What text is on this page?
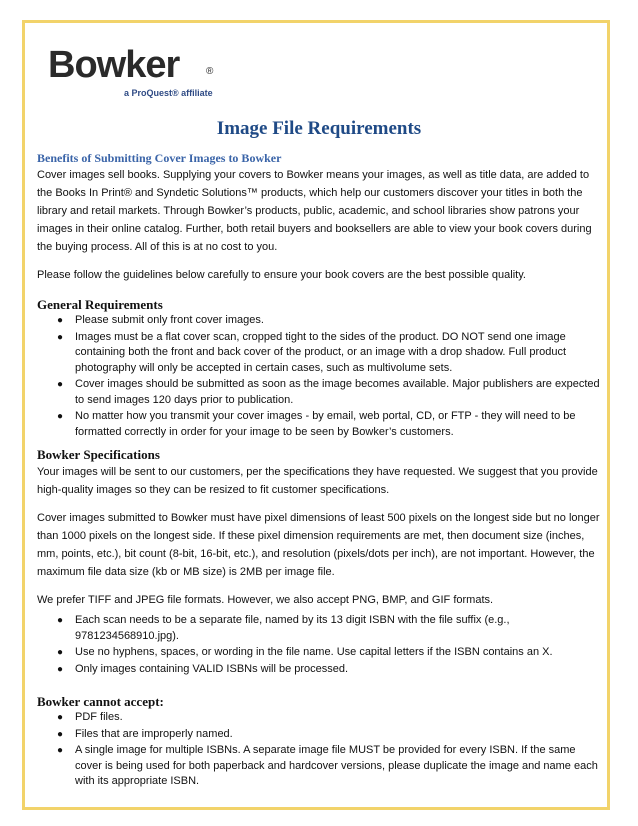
Bowker	®
a ProQuest® affiliate
Image File Requirements
Benefits of Submitting Cover Images to Bowker

Cover images sell books. Supplying your covers to Bowker means your images, as well as title data, are added to the Books In Print® and Syndetic Solutions™ products, which help our customers discover your titles in both the library and retail markets. Through Bowker’s products, public, academic, and school libraries show patrons your images in their online catalog. Further, both retail buyers and booksellers are able to view your book covers during the buying process. All of this is at no cost to you.

Please follow the guidelines below carefully to ensure your book covers are the best possible quality.

General Requirements
● Please submit only front cover images.
● Images must be a flat cover scan, cropped tight to the sides of the product. DO NOT send one image containing both the front and back cover of the product, or an image with a drop shadow. Full product photography will only be accepted in certain cases, such as multivolume sets.
● Cover images should be submitted as soon as the image becomes available. Major publishers are expected to send images 120 days prior to publication.
● No matter how you transmit your cover images - by email, web portal, CD, or FTP - they will need to be formatted correctly in order for your image to be seen by Bowker’s customers.
Bowker Specifications

Your images will be sent to our customers, per the specifications they have requested. We suggest that you provide high-quality images so they can be resized to fit customer specifications.

Cover images submitted to Bowker must have pixel dimensions of least 500 pixels on the longest side but no longer than 1000 pixels on the longest side. If these pixel dimension requirements are met, then document size (inches, mm, points, etc.), bit count (8-bit, 16-bit, etc.), and resolution (pixels/dots per inch), are not important. However, the maximum file data size (kb or MB size) is 2MB per image file.

We prefer TIFF and JPEG file formats. However, we also accept PNG, BMP, and GIF formats.

● Each scan needs to be a separate file, named by its 13 digit ISBN with the file suffix (e.g., 9781234568910.jpg).
● Use no hyphens, spaces, or wording in the file name. Use capital letters if the ISBN contains an X.
● Only images containing VALID ISBNs will be processed.
Bowker cannot accept:
● PDF files.
● Files that are improperly named.
● A single image for multiple ISBNs. A separate image file MUST be provided for every ISBN. If the same cover is being used for both paperback and hardcover versions, please duplicate the image and name each with its appropriate ISBN.
